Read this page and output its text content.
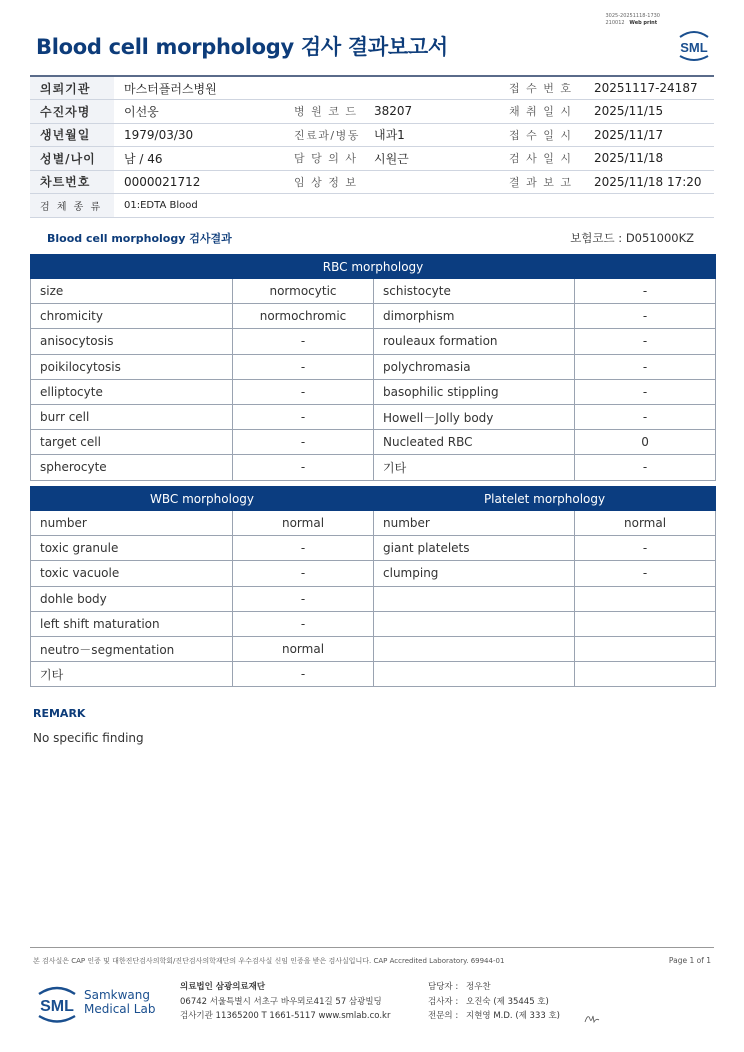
3025-20251118-1730
210012 Web print
Blood cell morphology 검사 결과보고서	SML
의뢰기관	마스터플러스병원			접 수 번 호	20251117-24187
수진자명	이선웅	병 원 코 드	38207	채 취 일 시	2025/11/15
생년월일	1979/03/30	진료과/병동	내과1	접 수 일 시	2025/11/17
성별/나이	남 / 46	담 당 의 사	시원근	검 사 일 시	2025/11/18
차트번호	0000021712	임 상 정 보		결 과 보 고	2025/11/18 17:20
검 체 종 류	01:EDTA Blood				
Blood cell morphology 검사결과	보험코드 : D051000KZ
RBC morphology			
size	normocytic	schistocyte	-
chromicity	normochromic	dimorphism	-
anisocytosis	-	rouleaux formation	-
poikilocytosis	-	polychromasia	-
elliptocyte	-	basophilic stippling	-
burr cell	-	Howell－Jolly body	-
target cell	-	Nucleated RBC	0
spherocyte	-	기타	-
WBC morphology		Platelet morphology	
number	normal	number	normal
toxic granule	-	giant platelets	-
toxic vacuole	-	clumping	-
dohle body	-		
left shift maturation	-		
neutro－segmentation	normal		
기타	-		
REMARK
No specific finding
본 검사실은 CAP 인증 및 대한진단검사의학회/진단검사의학재단의 우수검사실 신임 인증을 받은 검사실입니다. CAP Accredited Laboratory. 69944-01	Page 1 of 1
SML
Samkwang
Medical Lab
의료법인 삼광의료재단
06742 서울특별시 서초구 바우뫼로41길 57 삼광빌딩
검사기관 11365200 T 1661-5117 www.smlab.co.kr
담당자 : 정우찬
검사자 : 오진숙 (제 35445 호)
전문의 : 지현영 M.D. (제 333 호)
